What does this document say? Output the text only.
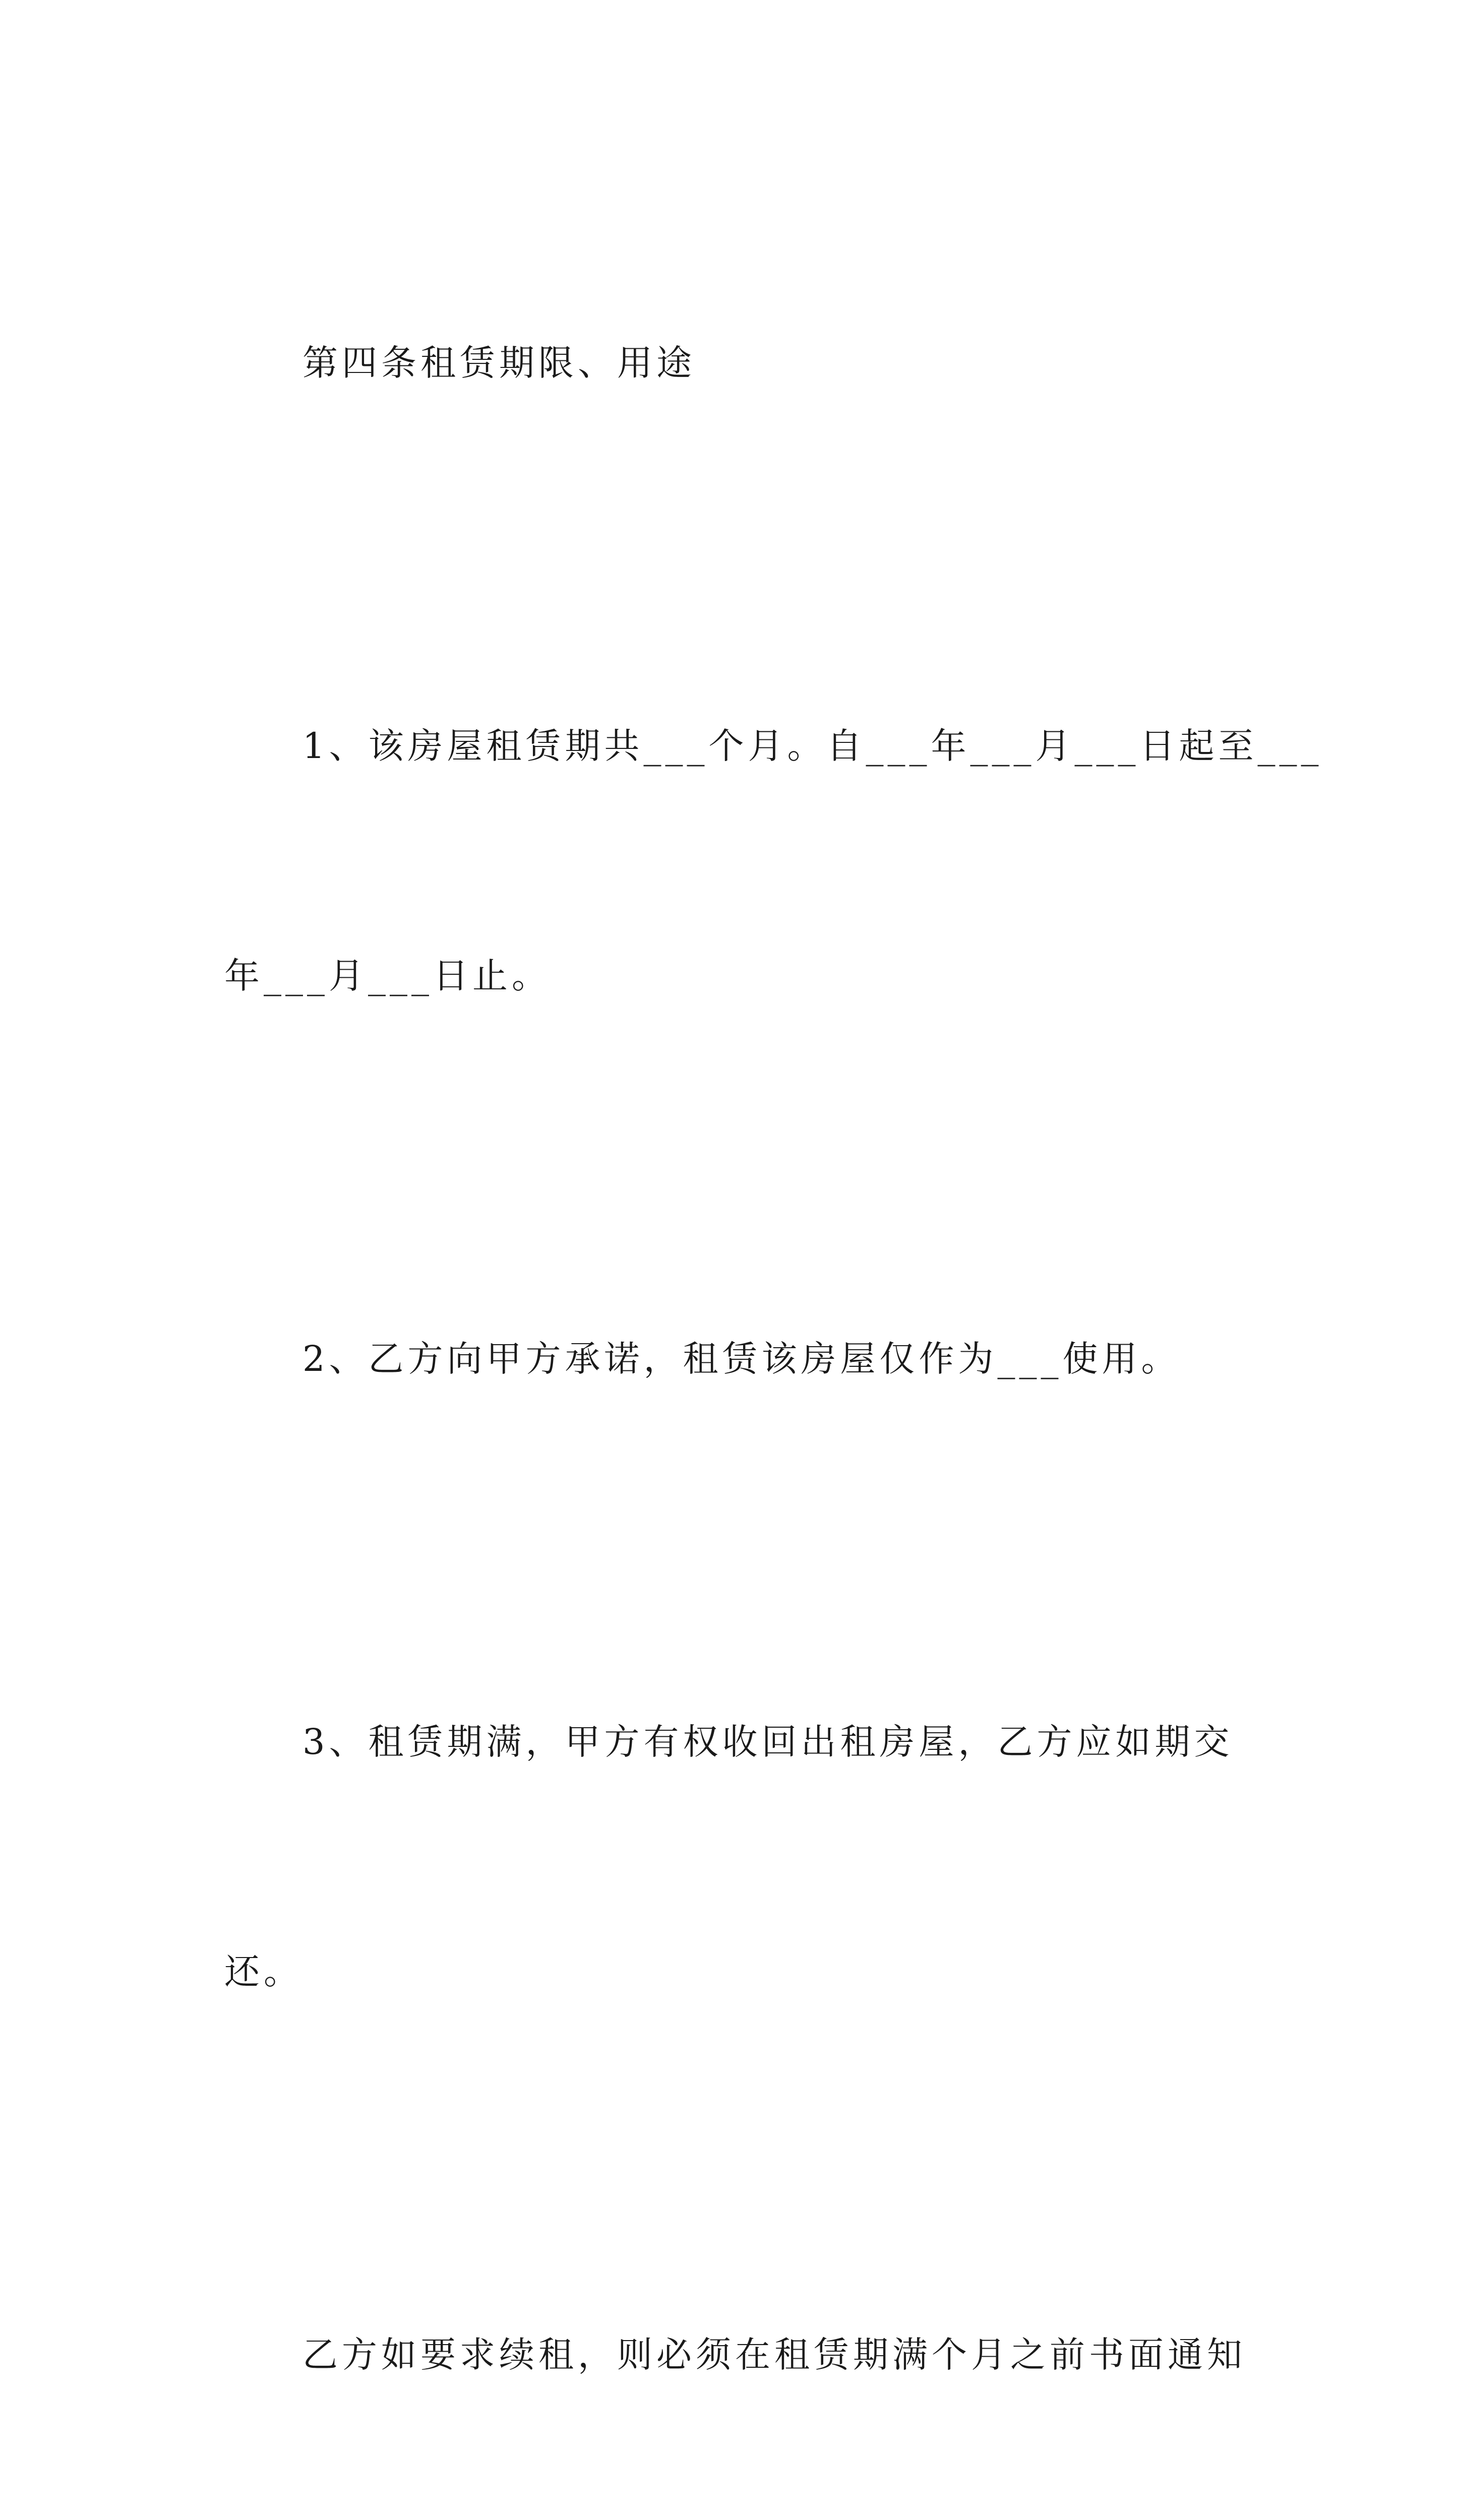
第四条租赁期限、用途

1、该房屋租赁期共___个月。自___年___月___日起至___

年___月___日止。

2、乙方向甲方承诺，租赁该房屋仅作为___使用。

3、租赁期满，甲方有权收回出租房屋，乙方应如期交

还。

乙方如要求续租，则必须在租赁期满个月之前书面通知
